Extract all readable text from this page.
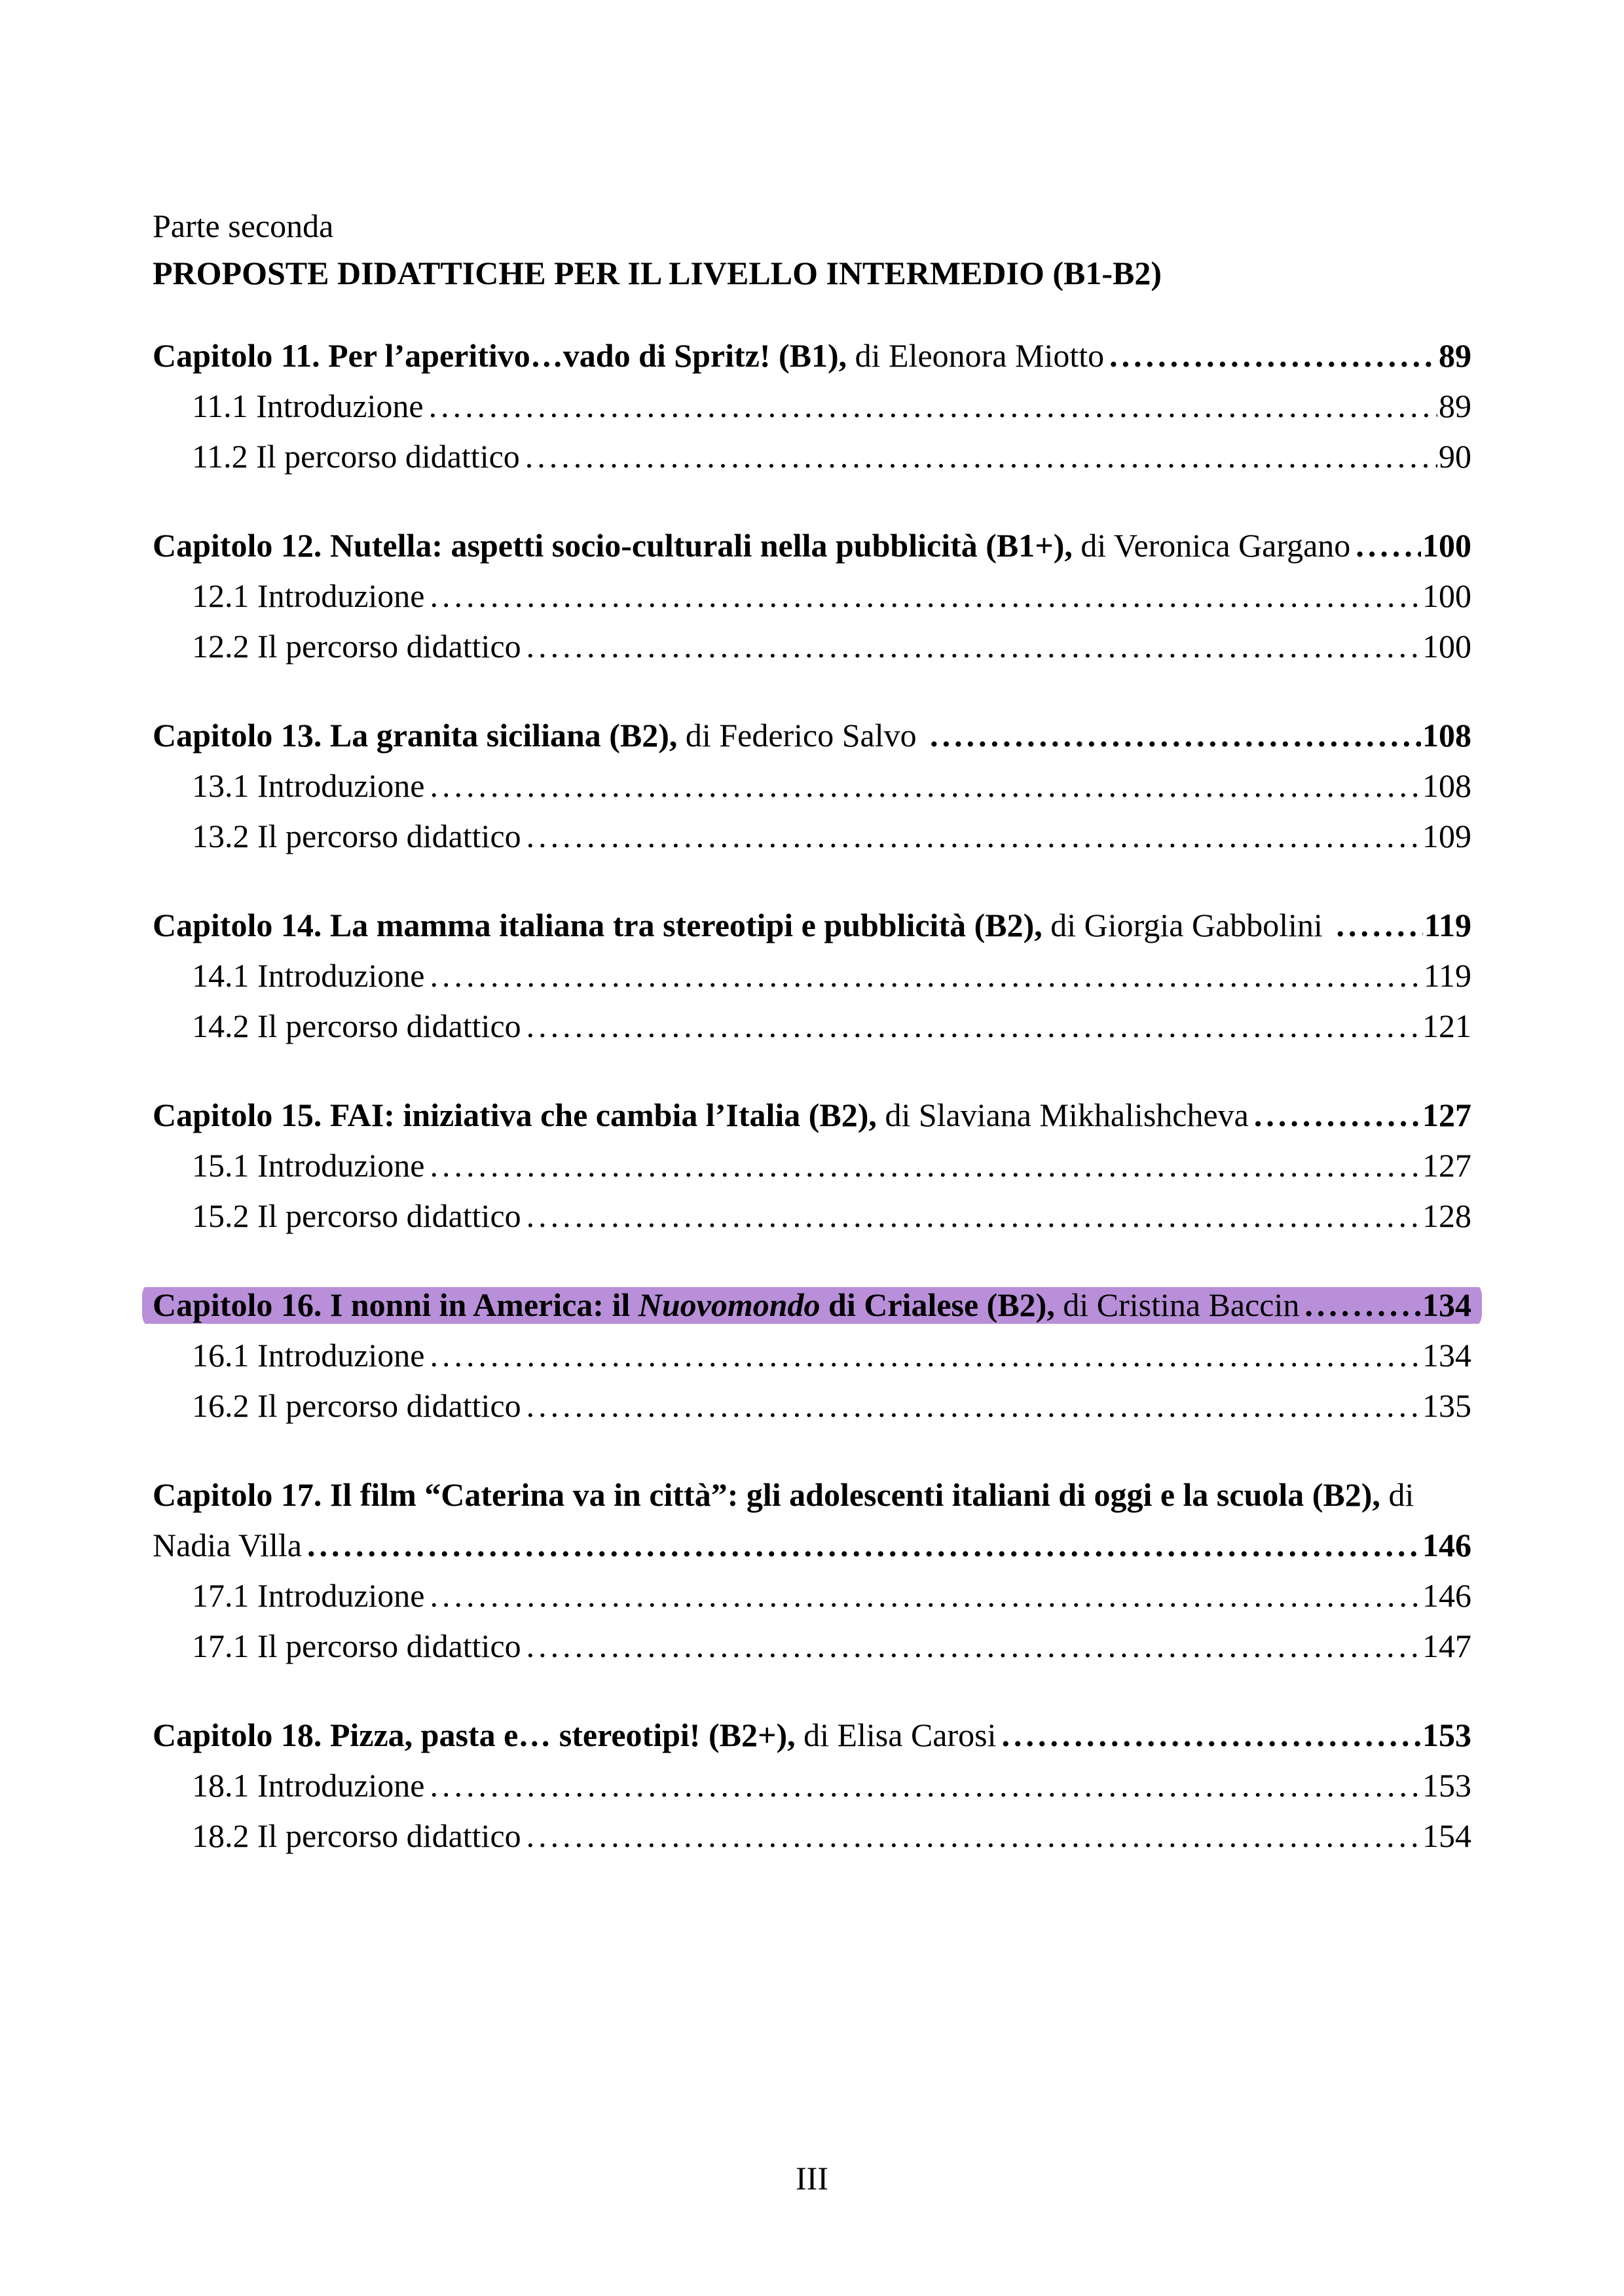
Parte seconda
PROPOSTE DIDATTICHE PER IL LIVELLO INTERMEDIO (B1-B2)
Capitolo 11. Per l’aperitivo…vado di Spritz! (B1), di Eleonora Miotto .....	89
11.1 Introduzione .....	89
11.2 Il percorso didattico .....	90
Capitolo 12. Nutella: aspetti socio-culturali nella pubblicità (B1+), di Veronica Gargano ..... 100
12.1 Introduzione .....	100
12.2 Il percorso didattico .....	100
Capitolo 13. La granita siciliana (B2), di Federico Salvo .....	108
13.1 Introduzione .....	108
13.2 Il percorso didattico .....	109
Capitolo 14. La mamma italiana tra stereotipi e pubblicità (B2), di Giorgia Gabbolini .....	119
14.1 Introduzione .....	119
14.2 Il percorso didattico .....	121
Capitolo 15. FAI: iniziativa che cambia l’Italia (B2), di Slaviana Mikhalishcheva .....	127
15.1 Introduzione .....	127
15.2 Il percorso didattico .....	128
Capitolo 16. I nonni in America: il Nuovomondo di Crialese (B2), di Cristina Baccin .....	134
16.1 Introduzione .....	134
16.2 Il percorso didattico .....	135
Capitolo 17. Il film “Caterina va in città”: gli adolescenti italiani di oggi e la scuola (B2), di
Nadia Villa .....	146
17.1 Introduzione .....	146
17.1 Il percorso didattico .....	147
Capitolo 18. Pizza, pasta e… stereotipi! (B2+), di Elisa Carosi .....	153
18.1 Introduzione .....	153
18.2 Il percorso didattico .....	154
III
